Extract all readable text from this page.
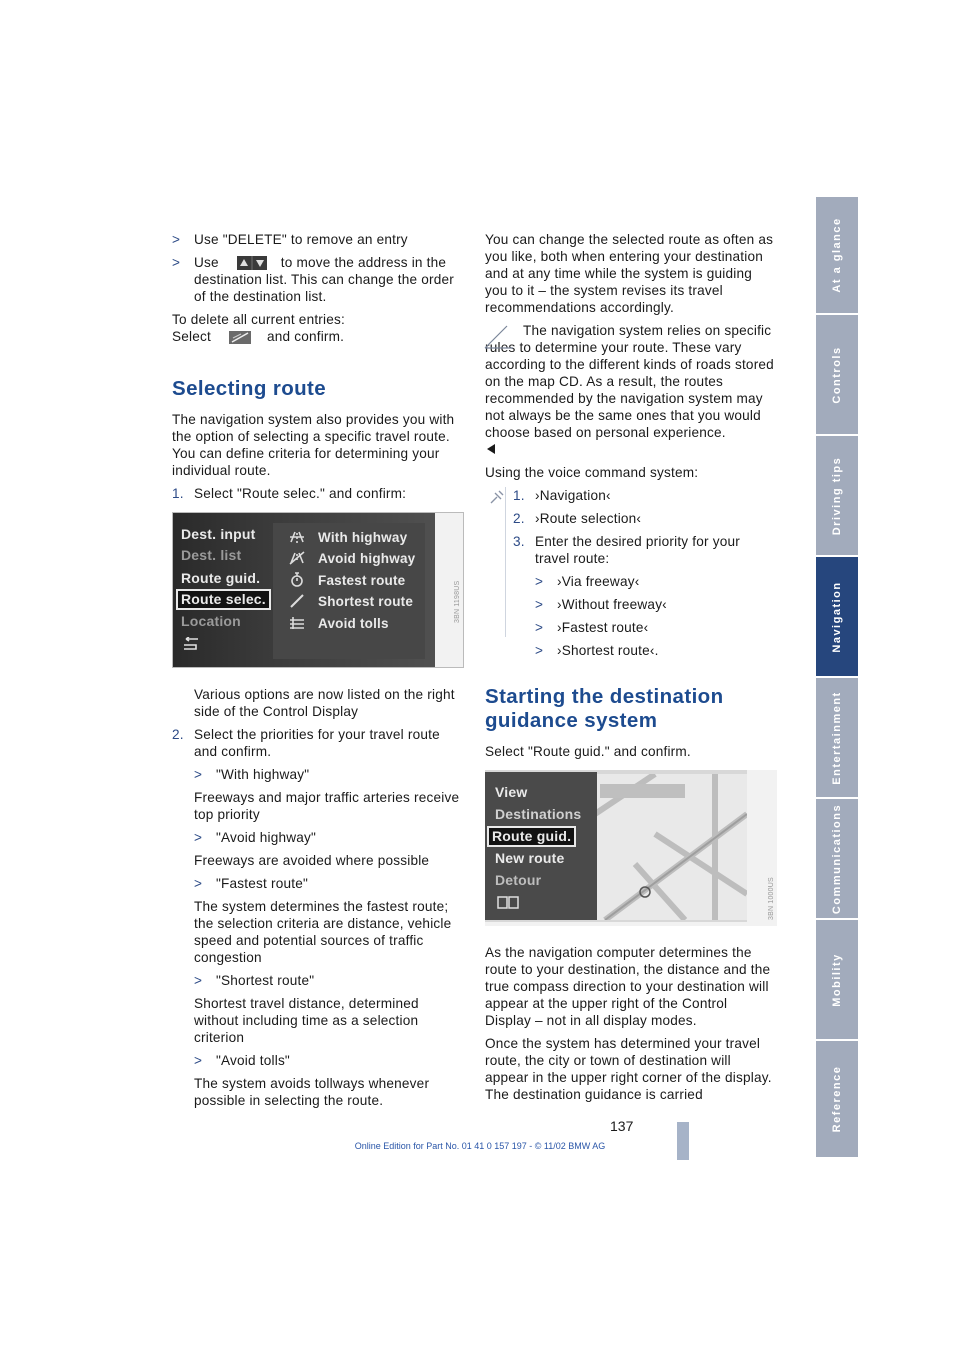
> Use "DELETE" to remove an entry
> Use	to move the address in the destination list. This can change the order of the destination list.

To delete all current entries:
Select	and confirm.

Selecting route

The navigation system also provides you with the option of selecting a specific travel route. You can define criteria for determining your individual route.

1. Select "Route selec." and confirm:
Dest. input
Dest. list
Route guid.
Route selec.
Location
With highway
Avoid highway
Fastest route
Shortest route
Avoid tolls
3BN 1198US

Various options are now listed on the right side of the Control Display

2. Select the priorities for your travel route and confirm.
> "With highway"

Freeways and major traffic arteries receive top priority

> "Avoid highway"

Freeways are avoided where possible

> "Fastest route"

The system determines the fastest route; the selection criteria are distance, vehicle speed and potential sources of traffic congestion

> "Shortest route"

Shortest travel distance, determined without including time as a selection criterion

> "Avoid tolls"

The system avoids tollways whenever possible in selecting the route.

You can change the selected route as often as you like, both when entering your destination and at any time while the system is guiding you to it – the system revises its travel recommendations accordingly.

The navigation system relies on specific rules to determine your route. These vary according to the different kinds of roads stored on the map CD. As a result, the routes recommended by the navigation system may not always be the same ones that you would choose based on personal experience.

Using the voice command system:

1. ›Navigation‹
2. ›Route selection‹
3. Enter the desired priority for your travel route:
> ›Via freeway‹
> ›Without freeway‹
> ›Fastest route‹
> ›Shortest route‹.
Starting the destination guidance system

Select "Route guid." and confirm.

View
Destinations
Route guid.
New route
Detour	3BN 1000US

As the navigation computer determines the route to your destination, the distance and the true compass direction to your destination will appear at the upper right of the Control Display – not in all display modes.

Once the system has determined your travel route, the city or town of destination will appear in the upper right corner of the display. The destination guidance is carried

At a glance
Controls
Driving tips
Navigation
Entertainment
Communications
Mobility
Reference
137
Online Edition for Part No. 01 41 0 157 197 - © 11/02 BMW AG
